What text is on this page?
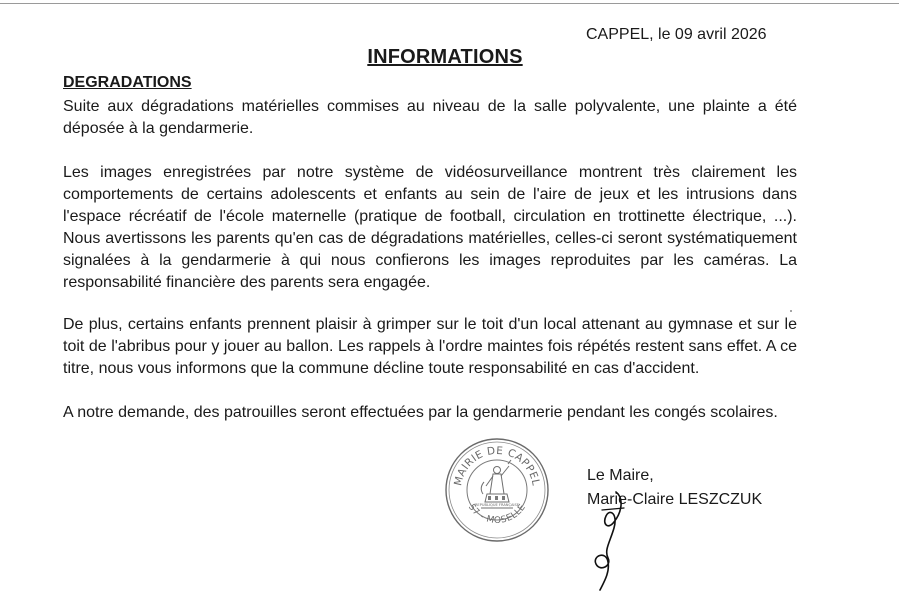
CAPPEL, le 09 avril 2026
INFORMATIONS
DEGRADATIONS

Suite aux dégradations matérielles commises au niveau de la salle polyvalente, une plainte a été déposée à la gendarmerie.

Les images enregistrées par notre système de vidéosurveillance montrent très clairement les comportements de certains adolescents et enfants au sein de l'aire de jeux et les intrusions dans l'espace récréatif de l'école maternelle (pratique de football, circulation en trottinette électrique, ...). Nous avertissons les parents qu'en cas de dégradations matérielles, celles-ci seront systématiquement signalées à la gendarmerie à qui nous confierons les images reproduites par les caméras. La responsabilité financière des parents sera engagée.

De plus, certains enfants prennent plaisir à grimper sur le toit d'un local attenant au gymnase et sur le toit de l'abribus pour y jouer au ballon. Les rappels à l'ordre maintes fois répétés restent sans effet. A ce titre, nous vous informons que la commune décline toute responsabilité en cas d'accident.

A notre demande, des patrouilles seront effectuées par la gendarmerie pendant les congés scolaires.

MAIRIE DE CAPPEL
57 - MOSELLE
REPUBLIQUE FRANÇAISE
Le Maire,
Marie-Claire LESZCZUK
